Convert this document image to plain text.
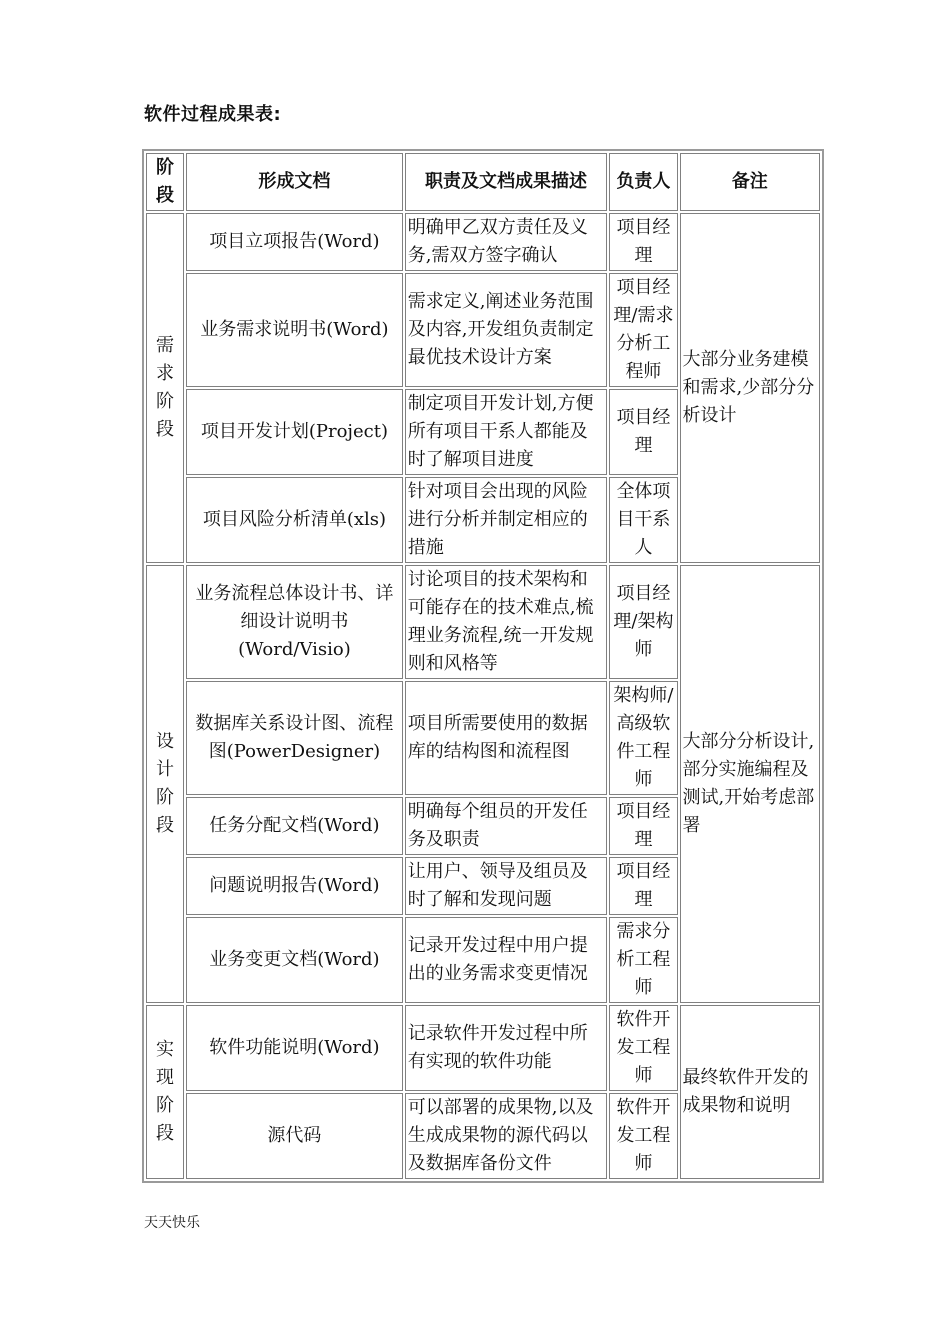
软件过程成果表:
阶段	形成文档	职责及文档成果描述	负责人	备注
需求阶段	项目立项报告(Word)	明确甲乙双方责任及义务,需双方签字确认	项目经理	大部分业务建模和需求,少部分分析设计
	业务需求说明书(Word)	需求定义,阐述业务范围及内容,开发组负责制定最优技术设计方案	项目经理/需求分析工程师	
	项目开发计划(Project)	制定项目开发计划,方便所有项目干系人都能及时了解项目进度	项目经理	
	项目风险分析清单(xls)	针对项目会出现的风险进行分析并制定相应的措施	全体项目干系人	
设计阶段	业务流程总体设计书、详细设计说明书(Word/Visio)	讨论项目的技术架构和可能存在的技术难点,梳理业务流程,统一开发规则和风格等	项目经理/架构师	大部分分析设计,部分实施编程及测试,开始考虑部署
	数据库关系设计图、流程图(PowerDesigner)	项目所需要使用的数据库的结构图和流程图	架构师/高级软件工程师	
	任务分配文档(Word)	明确每个组员的开发任务及职责	项目经理	
	问题说明报告(Word)	让用户、领导及组员及时了解和发现问题	项目经理	
	业务变更文档(Word)	记录开发过程中用户提出的业务需求变更情况	需求分析工程师	
实现阶段	软件功能说明(Word)	记录软件开发过程中所有实现的软件功能	软件开发工程师	最终软件开发的成果物和说明
	源代码	可以部署的成果物,以及生成成果物的源代码以及数据库备份文件	软件开发工程师	
天天快乐
